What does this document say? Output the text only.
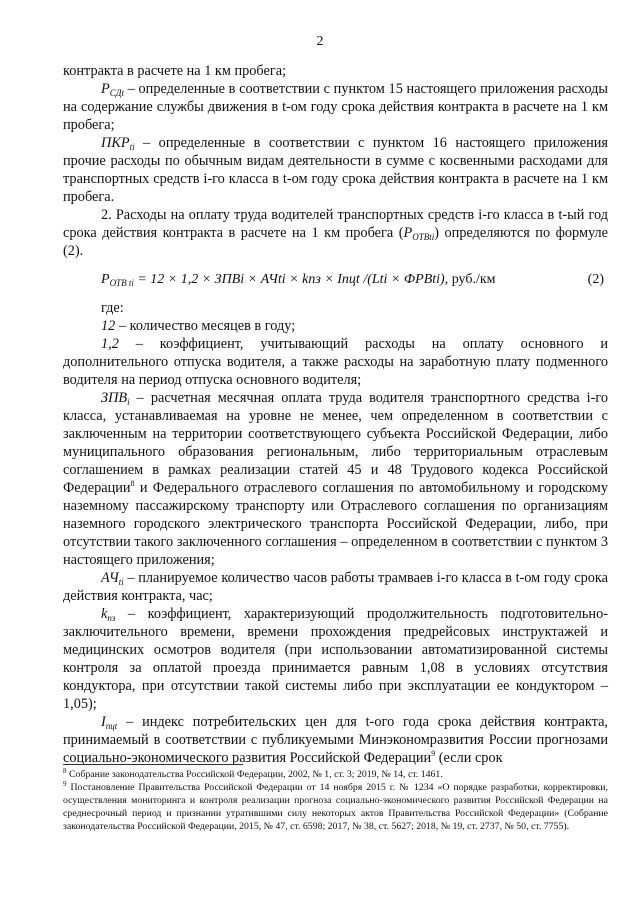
2

контракта в расчете на 1 км пробега;

$P_{СДt}$ – определенные в соответствии с пунктом 15 настоящего приложения расходы на содержание службы движения в t-ом году срока действия контракта в расчете на 1 км пробега;

$ПКР_{ti}$ – определенные в соответствии с пунктом 16 настоящего приложения прочие расходы по обычным видам деятельности в сумме с косвенными расходами для транспортных средств i-го класса в t-ом году срока действия контракта в расчете на 1 км пробега.

2. Расходы на оплату труда водителей транспортных средств i-го класса в t-ый год срока действия контракта в расчете на 1 км пробега $(P_{ОТВti})$ определяются по формуле (2).

$P_{ОТВ ti} = 12 \times 1,2$ × ЗПВi × АЧti × kпз × Iпцt /(Lti × ФРВti), руб./км	(2)

где:

12 – количество месяцев в году;

1,2 – коэффициент, учитывающий расходы на оплату основного и дополнительного отпуска водителя, а также расходы на заработную плату подменного водителя на период отпуска основного водителя;

$ЗПВ_i$ – расчетная месячная оплата труда водителя транспортного средства i-го класса, устанавливаемая на уровне не менее, чем определенном в соответствии с заключенным на территории соответствующего субъекта Российской Федерации, либо муниципального образования региональным, либо территориальным отраслевым соглашением в рамках реализации статей 45 и 48 Трудового кодекса Российской Федерации$^8$ и Федерального отраслевого соглашения по автомобильному и городскому наземному пассажирскому транспорту или Отраслевого соглашения по организациям наземного городского электрического транспорта Российской Федерации, либо, при отсутствии такого заключенного соглашения – определенном в соответствии с пунктом 3 настоящего приложения;

$АЧ_{ti}$ – планируемое количество часов работы трамваев i-го класса в t-ом году срока действия контракта, час;

$k_{пз}$ – коэффициент, характеризующий продолжительность подготовительно-заключительного времени, времени прохождения предрейсовых инструктажей и медицинских осмотров водителя (при использовании автоматизированной системы контроля за оплатой проезда принимается равным 1,08 в условиях отсутствия кондуктора, при отсутствии такой системы либо при эксплуатации ее кондуктором – 1,05);

$I_{пцt}$ – индекс потребительских цен для t-ого года срока действия контракта, принимаемый в соответствии с публикуемыми Минэкономразвития России прогнозами социально-экономического развития Российской Федерации$^9$ (если срок

$^8$ Собрание законодательства Российской Федерации, 2002, № 1, ст. 3; 2019, № 14, ст. 1461.

$^9$ Постановление Правительства Российской Федерации от 14 ноября 2015 г. № 1234 «О порядке разработки, корректировки, осуществления мониторинга и контроля реализации прогноза социально-экономического развития Российской Федерации на среднесрочный период и признании утратившими силу некоторых актов Правительства Российской Федерации» (Собрание законодательства Российской Федерации, 2015, № 47, ст. 6598; 2017, № 38, ст. 5627; 2018, № 19, ст. 2737, № 50, ст. 7755).
